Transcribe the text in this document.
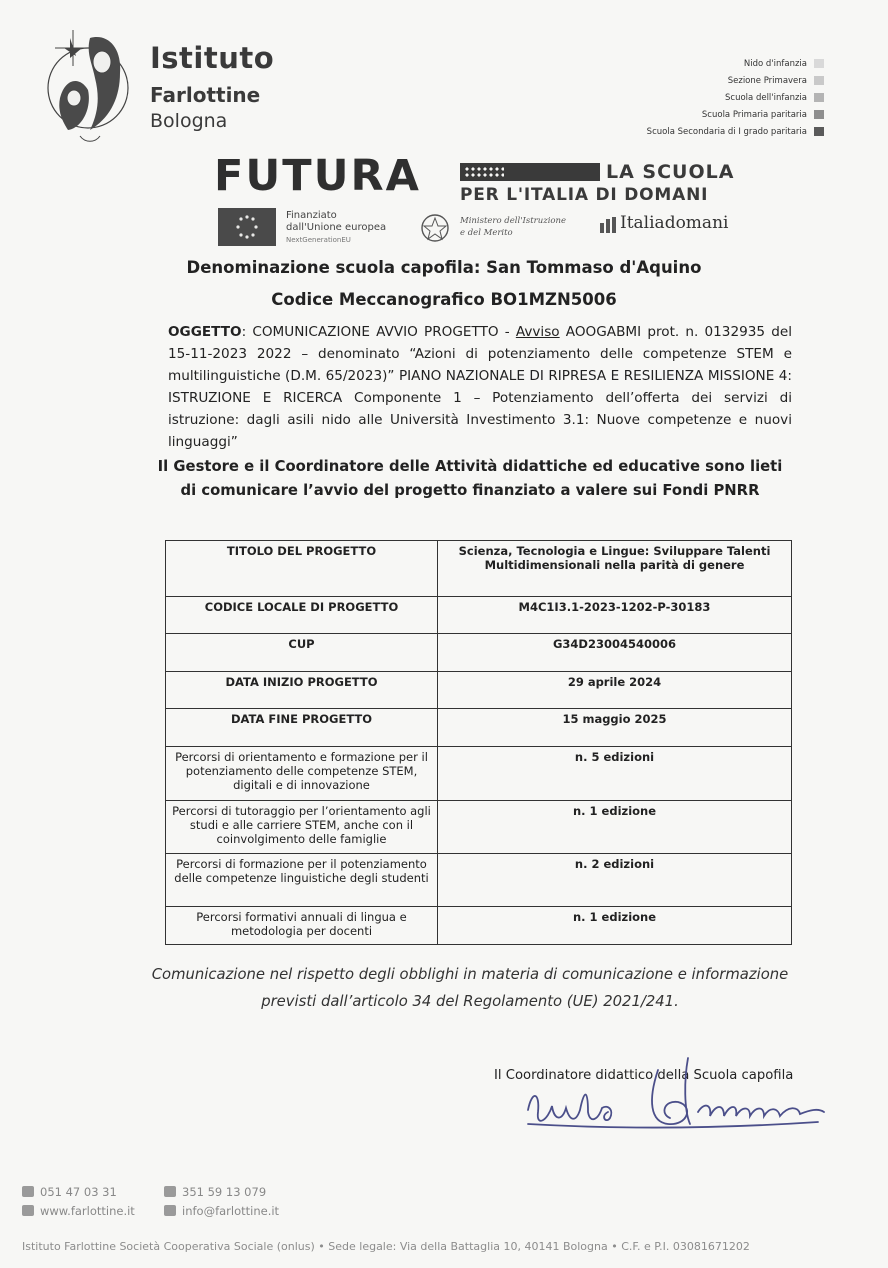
Istituto
Farlottine
Bologna
Nido d'infanzia
Sezione Primavera
Scuola dell'infanzia
Scuola Primaria paritaria
Scuola Secondaria di I grado paritaria
FUTURA	LA SCUOLA
PER L'ITALIA DI DOMANI
Finanziato
dall'Unione europea
NextGenerationEU
Ministero dell'Istruzione
e del Merito	Italiadomani
Denominazione scuola capofila: San Tommaso d'Aquino
Codice Meccanografico BO1MZN5006
OGGETTO: COMUNICAZIONE AVVIO PROGETTO - Avviso AOOGABMI prot. n. 0132935 del 15-11-2023 2022 – denominato “Azioni di potenziamento delle competenze STEM e multilinguistiche (D.M. 65/2023)” PIANO NAZIONALE DI RIPRESA E RESILIENZA MISSIONE 4: ISTRUZIONE E RICERCA Componente 1 – Potenziamento dell’offerta dei servizi di istruzione: dagli asili nido alle Università Investimento 3.1: Nuove competenze e nuovi linguaggi”
Il Gestore e il Coordinatore delle Attività didattiche ed educative sono lieti di comunicare l’avvio del progetto finanziato a valere sui Fondi PNRR
TITOLO DEL PROGETTO	Scienza, Tecnologia e Lingue: Sviluppare Talenti Multidimensionali nella parità di genere
CODICE LOCALE DI PROGETTO	M4C1I3.1-2023-1202-P-30183
CUP	G34D23004540006
DATA INIZIO PROGETTO	29 aprile 2024
DATA FINE PROGETTO	15 maggio 2025
Percorsi di orientamento e formazione per il potenziamento delle competenze STEM, digitali e di innovazione	n. 5 edizioni
Percorsi di tutoraggio per l’orientamento agli studi e alle carriere STEM, anche con il coinvolgimento delle famiglie	n. 1 edizione
Percorsi di formazione per il potenziamento delle competenze linguistiche degli studenti	n. 2 edizioni
Percorsi formativi annuali di lingua e metodologia per docenti	n. 1 edizione
Comunicazione nel rispetto degli obblighi in materia di comunicazione e informazione previsti dall’articolo 34 del Regolamento (UE) 2021/241.
Il Coordinatore didattico della Scuola capofila
051 47 03 31
www.farlottine.it
351 59 13 079
info@farlottine.it
Istituto Farlottine Società Cooperativa Sociale (onlus) • Sede legale: Via della Battaglia 10, 40141 Bologna • C.F. e P.I. 03081671202
